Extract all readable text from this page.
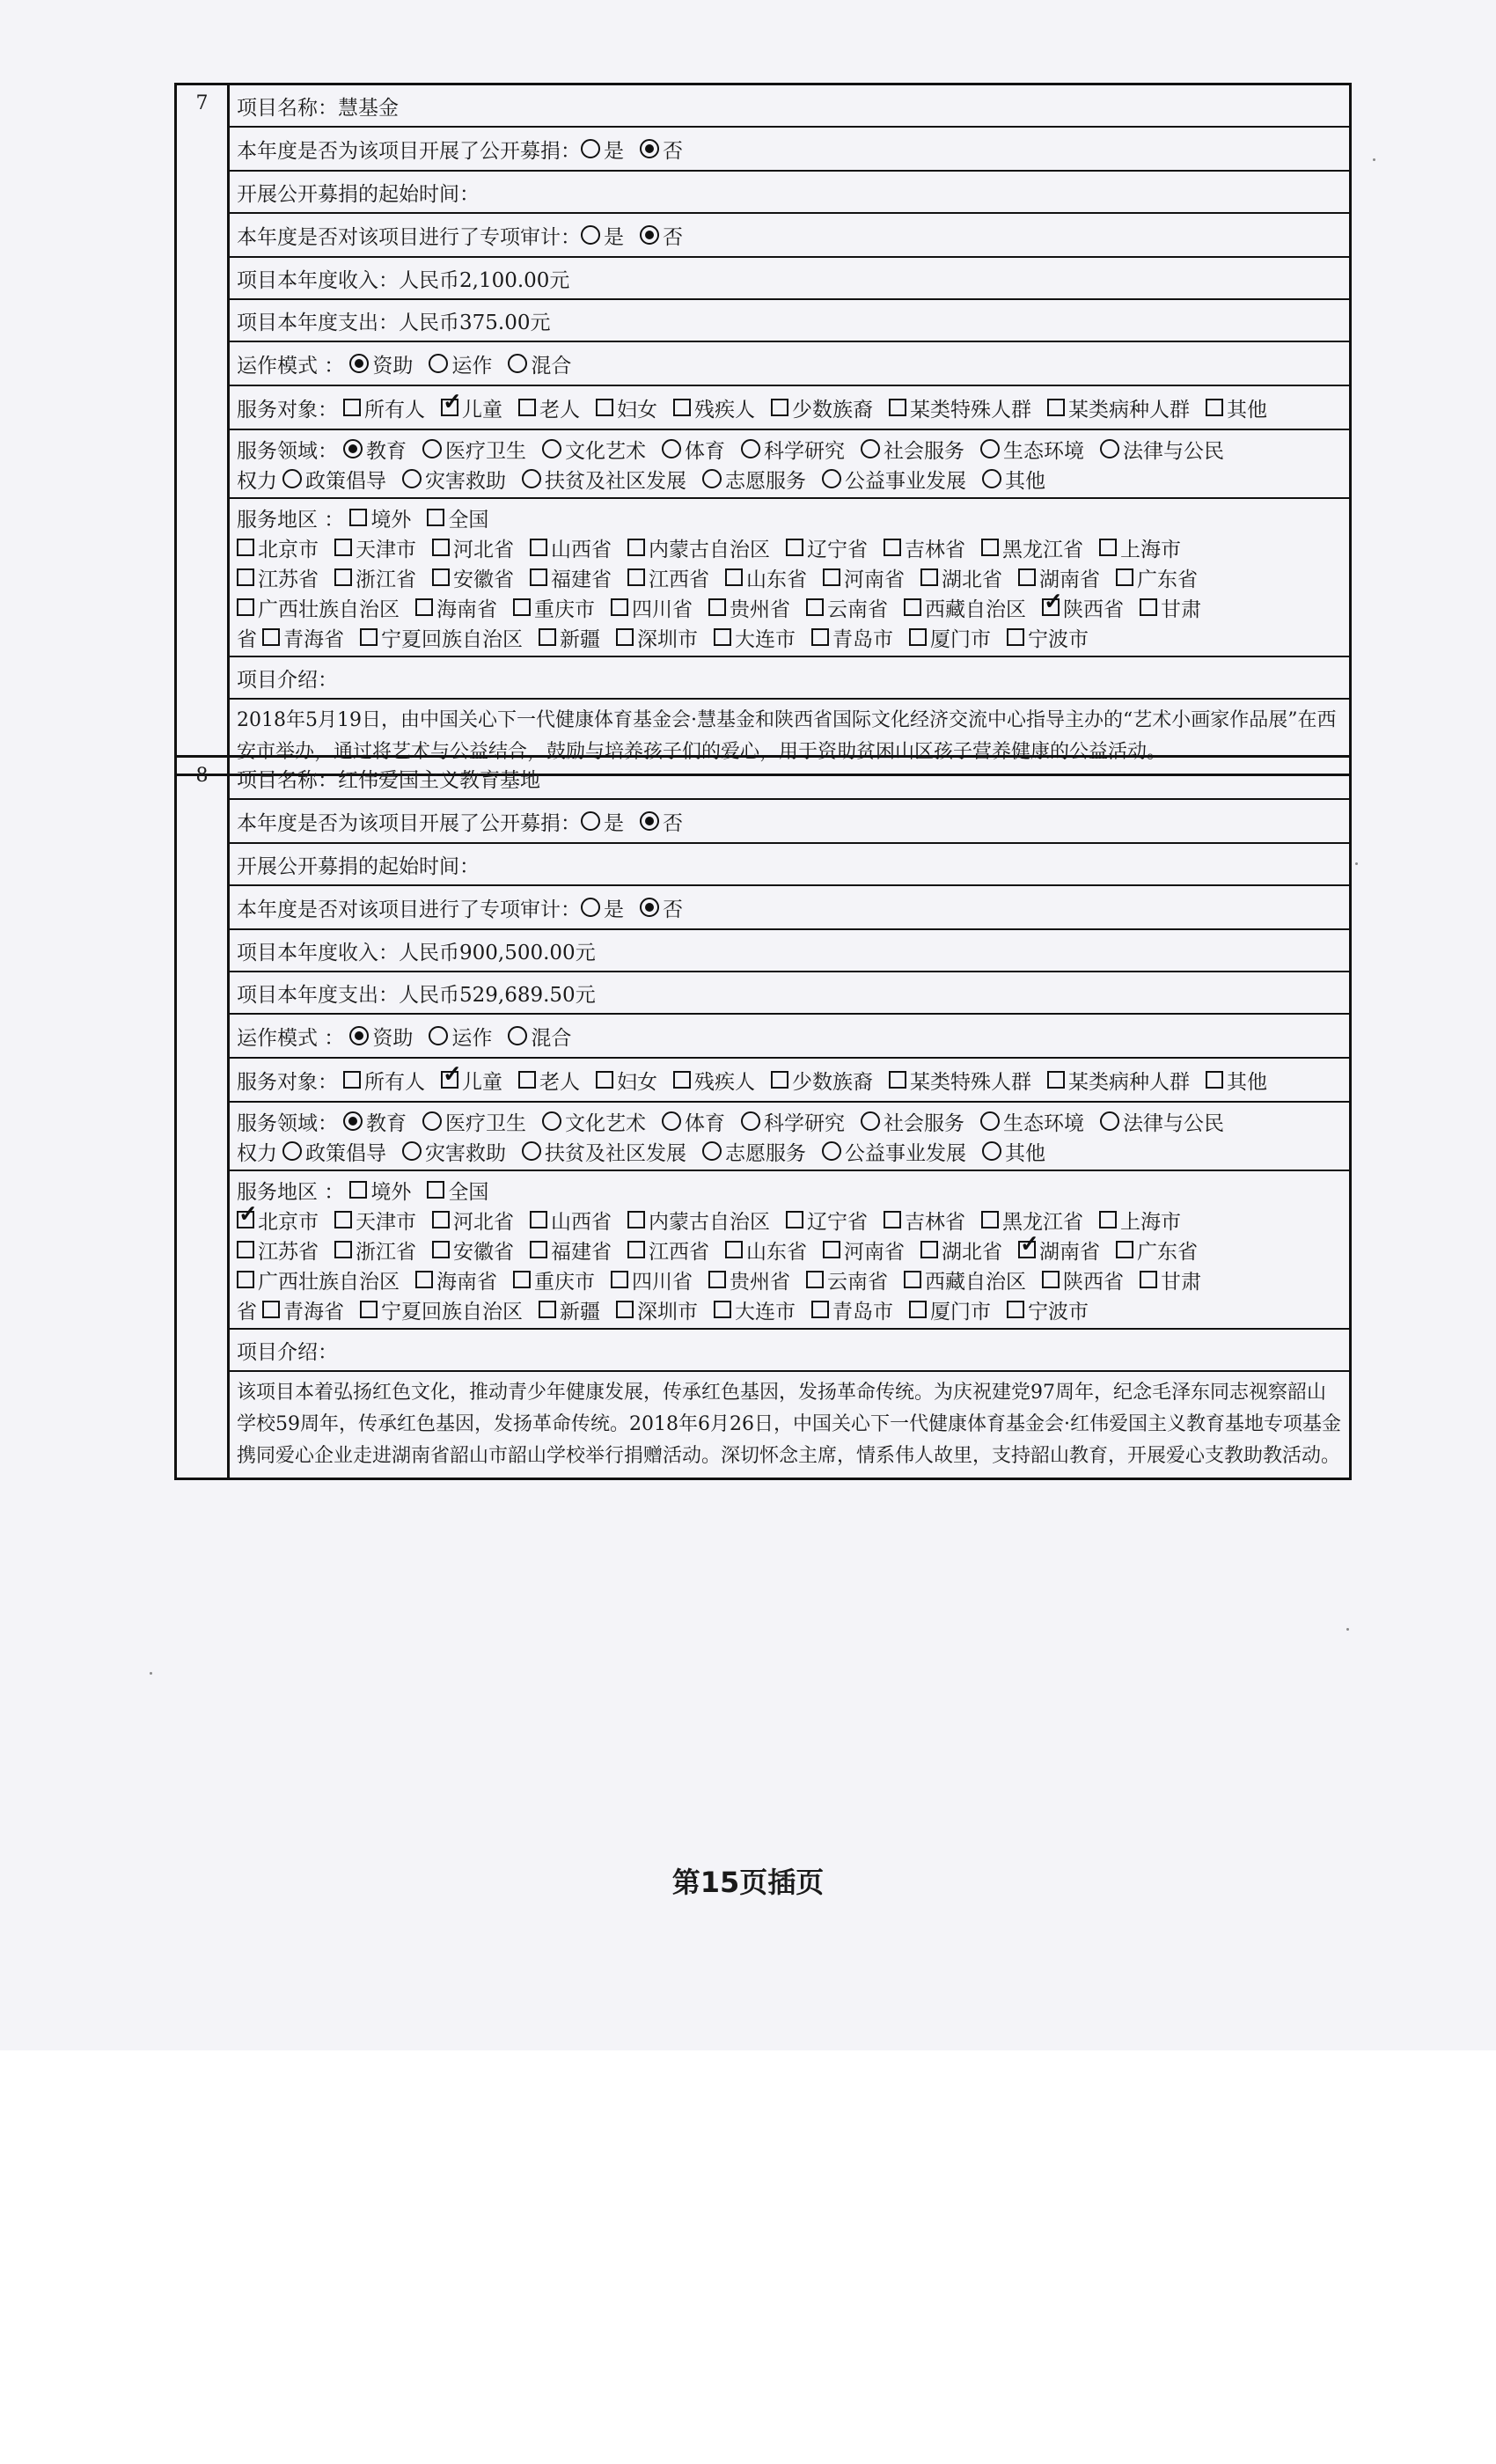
7	项目名称： 慧基金
本年度是否为该项目开展了公开募捐： 是 否
开展公开募捐的起始时间：
本年度是否对该项目进行了专项审计： 是 否
项目本年度收入：人民币2,100.00元
项目本年度支出：人民币375.00元
运作模式 ： 资助 运作 混合
服务对象： 所有人 ✓ 儿童 老人 妇女 残疾人 少数族裔 某类特殊人群 某类病种人群 其他
服务领域： 教育 医疗卫生 文化艺术 体育 科学研究 社会服务 生态环境 法律与公民
权力 政策倡导 灾害救助 扶贫及社区发展 志愿服务 公益事业发展 其他
服务地区 ： 境外 全国
北京市 天津市 河北省 山西省 内蒙古自治区 辽宁省 吉林省 黑龙江省 上海市
江苏省 浙江省 安徽省 福建省 江西省 山东省 河南省 湖北省 湖南省 广东省
广西壮族自治区 海南省 重庆市 四川省 贵州省 云南省 西藏自治区 ✓ 陕西省 甘肃
省 青海省 宁夏回族自治区 新疆 深圳市 大连市 青岛市 厦门市 宁波市
项目介绍：
2018年5月19日，由中国关心下一代健康体育基金会·慧基金和陕西省国际文化经济交流中心指导主办的“艺术小画家作品展”在西安市举办，通过将艺术与公益结合，鼓励与培养孩子们的爱心，用于资助贫困山区孩子营养健康的公益活动。
8	项目名称： 红伟爱国主义教育基地
本年度是否为该项目开展了公开募捐： 是 否
开展公开募捐的起始时间：
本年度是否对该项目进行了专项审计： 是 否
项目本年度收入：人民币900,500.00元
项目本年度支出：人民币529,689.50元
运作模式 ： 资助 运作 混合
服务对象： 所有人 ✓ 儿童 老人 妇女 残疾人 少数族裔 某类特殊人群 某类病种人群 其他
服务领域： 教育 医疗卫生 文化艺术 体育 科学研究 社会服务 生态环境 法律与公民
权力 政策倡导 灾害救助 扶贫及社区发展 志愿服务 公益事业发展 其他
服务地区 ： 境外 全国
✓
北京市 天津市 河北省 山西省 内蒙古自治区 辽宁省 吉林省 黑龙江省 上海市
江苏省 浙江省 安徽省 福建省 江西省 山东省 河南省 湖北省 ✓ 湖南省 广东省
广西壮族自治区 海南省 重庆市 四川省 贵州省 云南省 西藏自治区 陕西省 甘肃
省 青海省 宁夏回族自治区 新疆 深圳市 大连市 青岛市 厦门市 宁波市
项目介绍：
该项目本着弘扬红色文化，推动青少年健康发展，传承红色基因，发扬革命传统。为庆祝建党97周年，纪念毛泽东同志视察韶山学校59周年，传承红色基因，发扬革命传统。2018年6月26日，中国关心下一代健康体育基金会·红伟爱国主义教育基地专项基金携同爱心企业走进湖南省韶山市韶山学校举行捐赠活动。深切怀念主席，情系伟人故里，支持韶山教育，开展爱心支教助教活动。
第15页插页
